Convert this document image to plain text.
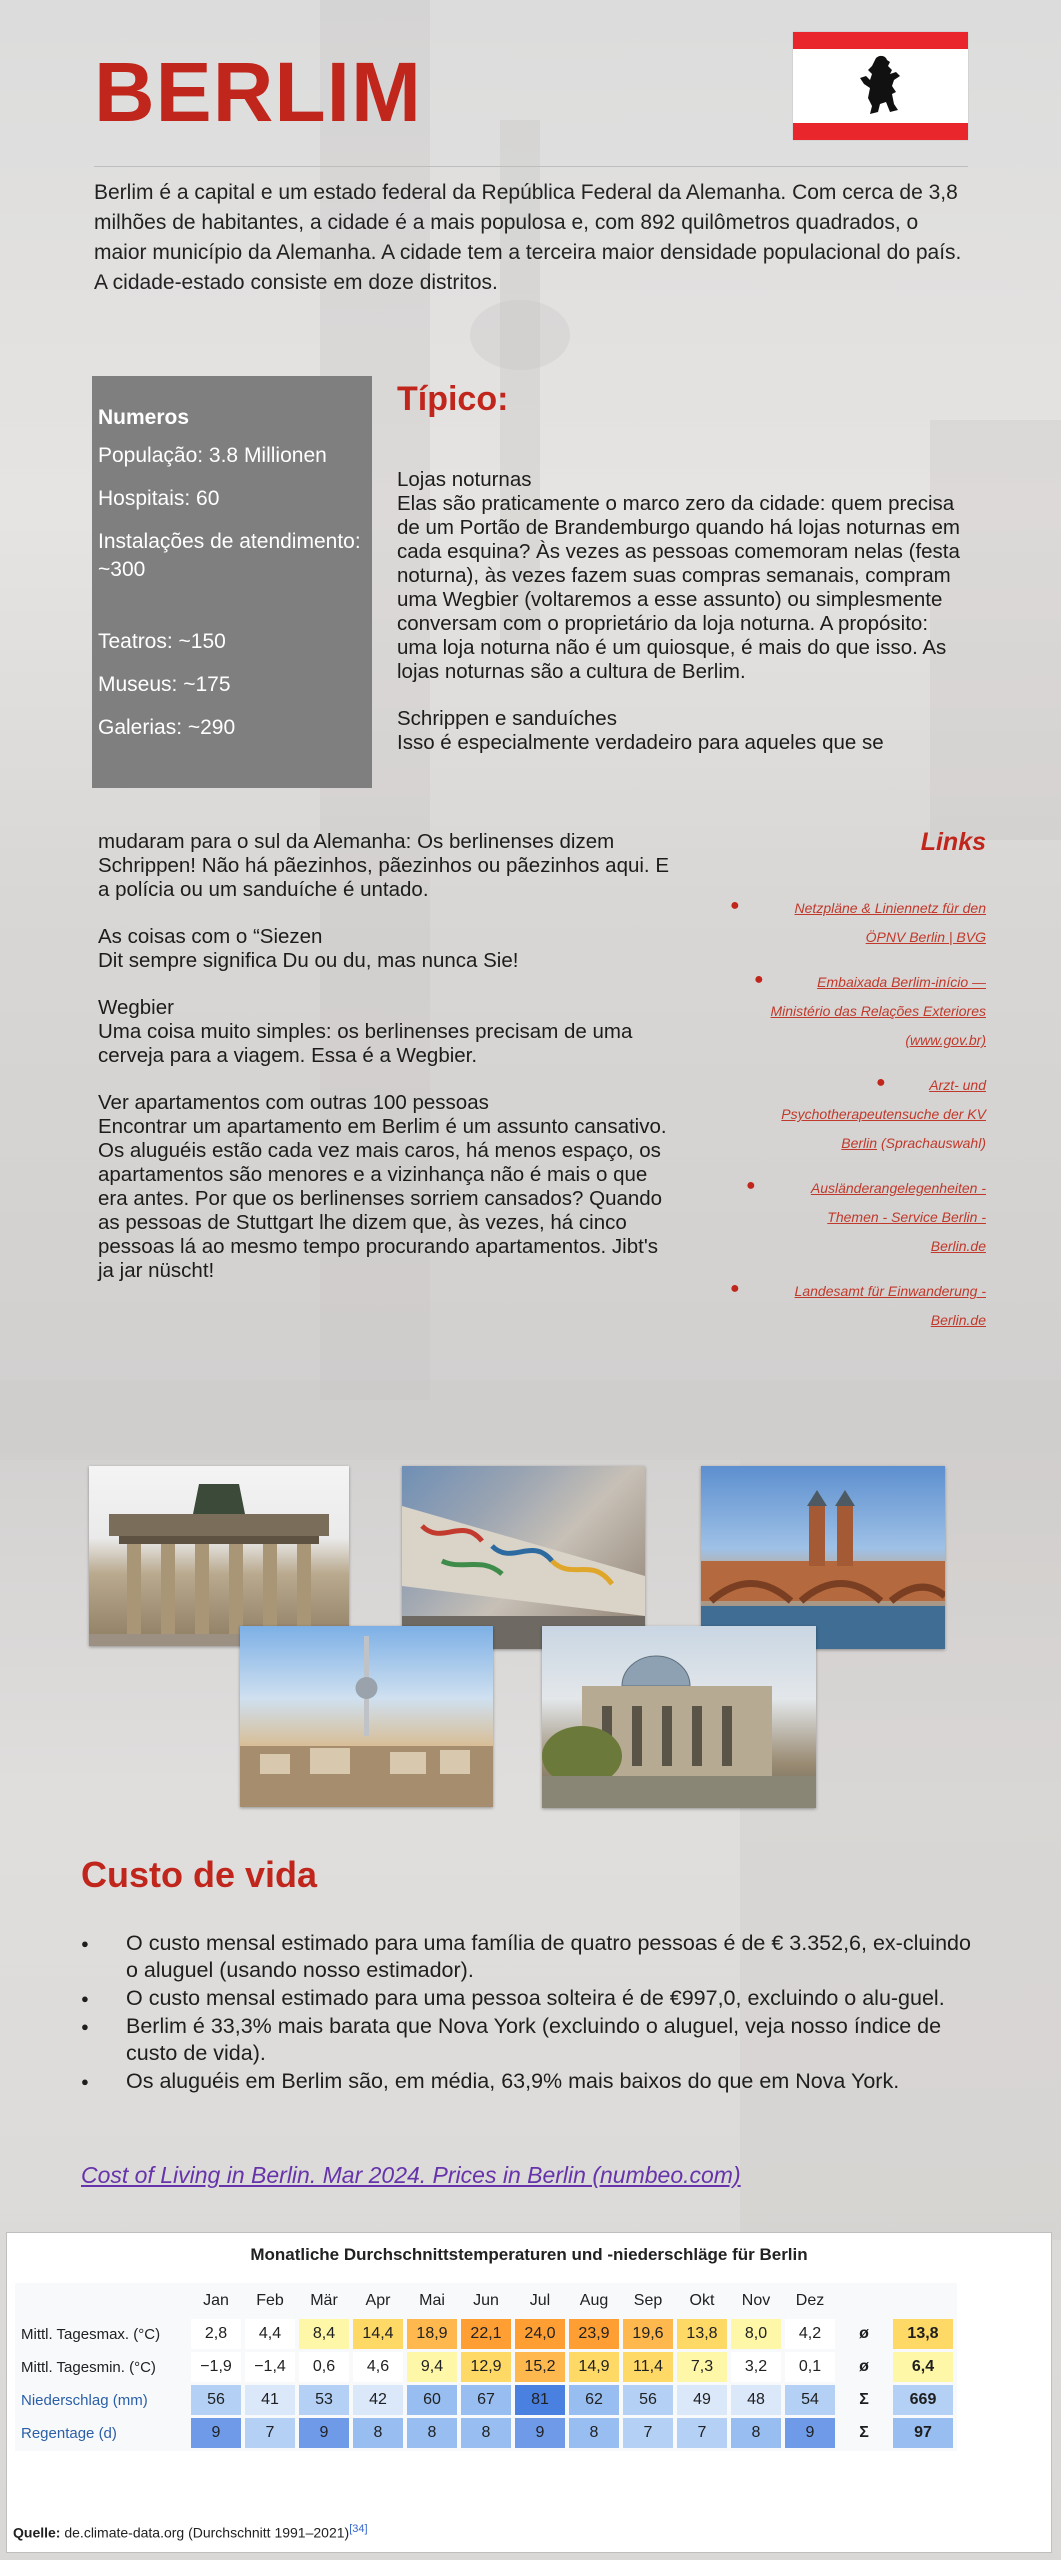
BERLIM
Berlim é a capital e um estado federal da República Federal da Alemanha. Com cerca de 3,8 milhões de habitantes, a cidade é a mais populosa e, com 892 quilômetros quadrados, o maior município da Alemanha. A cidade tem a terceira maior densidade populacional do país. A cidade-estado consiste em doze distritos.

Numeros

População: 3.8 Millionen

Hospitais: 60

Instalações de atendimento: ~300

Teatros: ~150

Museus: ~175

Galerias: ~290

Típico:

Lojas noturnas
Elas são praticamente o marco zero da cidade: quem precisa de um Portão de Brandemburgo quando há lojas noturnas em cada esquina? Às vezes as pessoas comemoram nelas (festa noturna), às vezes fazem suas compras semanais, compram uma Wegbier (voltaremos a esse assunto) ou simplesmente conversam com o proprietário da loja noturna. A propósito: uma loja noturna não é um quiosque, é mais do que isso. As lojas noturnas são a cultura de Berlim.

Schrippen e sanduíches
Isso é especialmente verdadeiro para aqueles que se

mudaram para o sul da Alemanha: Os berlinenses dizem Schrippen! Não há pãezinhos, pãezinhos ou pãezinhos aqui. E a polícia ou um sanduíche é untado.

As coisas com o “Siezen
Dit sempre significa Du ou du, mas nunca Sie!

Wegbier
Uma coisa muito simples: os berlinenses precisam de uma cerveja para a viagem. Essa é a Wegbier.

Ver apartamentos com outras 100 pessoas
Encontrar um apartamento em Berlim é um assunto cansativo. Os aluguéis estão cada vez mais caros, há menos espaço, os apartamentos são menores e a vizinhança não é mais o que era antes. Por que os berlinenses sorriem cansados? Quando as pessoas de Stuttgart lhe dizem que, às vezes, há cinco pessoas lá ao mesmo tempo procurando apartamentos. Jibt's ja jar nüscht!

Links
●	Netzpläne & Liniennetz für den
ÖPNV Berlin | BVG
●	Embaixada Berlim-início —
Ministério das Relações Exteriores
(www.gov.br)
●	Arzt- und
Psychotherapeutensuche der KV
Berlin (Sprachauswahl)
●	Ausländerangelegenheiten -
Themen - Service Berlin -
Berlin.de
●	Landesamt für Einwanderung -
Berlin.de
Custo de vida
● O custo mensal estimado para uma família de quatro pessoas é de € 3.352,6, ex-cluindo o aluguel (usando nosso estimador).
● O custo mensal estimado para uma pessoa solteira é de €997,0, excluindo o alu-guel.
● Berlim é 33,3% mais barata que Nova York (excluindo o aluguel, veja nosso índice de custo de vida).
● Os aluguéis em Berlim são, em média, 63,9% mais baixos do que em Nova York.
Cost of Living in Berlin. Mar 2024. Prices in Berlin (numbeo.com)
Monatliche Durchschnittstemperaturen und -niederschläge für Berlin
	Jan	Feb	Mär	Apr	Mai	Jun	Jul	Aug	Sep	Okt	Nov	Dez		
Mittl. Tagesmax. (°C)	2,8	4,4	8,4	14,4	18,9	22,1	24,0	23,9	19,6	13,8	8,0	4,2	ø	13,8
Mittl. Tagesmin. (°C)	−1,9	−1,4	0,6	4,6	9,4	12,9	15,2	14,9	11,4	7,3	3,2	0,1	ø	6,4
Niederschlag (mm)	56	41	53	42	60	67	81	62	56	49	48	54	Σ	669
Regentage (d)	9	7	9	8	8	8	9	8	7	7	8	9	Σ	97
Quelle: de.climate-data.org (Durchschnitt 1991–2021)[34]
